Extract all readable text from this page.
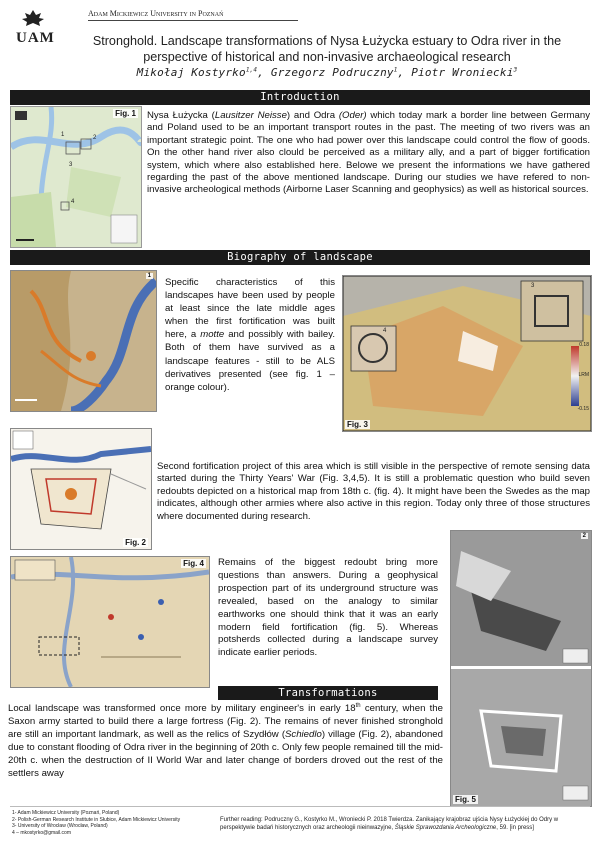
UAM
Adam Mickiewicz University in Poznań
Stronghold. Landscape transformations of Nysa Łużycka estuary to Odra river in the
perspective of historical and non-invasive archaeological research
Mikołaj Kostyrko$^{1,4}$, Grzegorz Podruczny$^1$, Piotr Wroniecki$^3$
Introduction
Fig. 1
1	2
3
4
Nysa Łużycka (Lausitzer Neisse) and Odra (Oder) which today mark a border line between Germany and Poland used to be an important transport routes in the past. The meeting of two rivers was an important strategic point. The one who had power over this landscape could control the flow of goods. On the other hand river also clould be perceived as a military ally, and a part of bigger fortification system, which where also established here. Belowe we present the informations we have gathered regarding the past of the above mentioned landscape. During our studies we have refered to non-invasive archeological methods (Airborne Laser Scanning and geophysics) as well as historical sources.
Biography of landscape
1
Specific characteristics of this landscapes have been used by people at least since the late middle ages when the first fortification was built here, a motte and possibly with bailey. Both of them have survived as a landscape features - still to be ALS derivatives presented (see fig. 1 – orange colour).
Fig. 3
0.18
LRM
-0.15
3
4
Fig. 2
Second fortification project of this area which is still visible in the perspective of remote sensing data started during the Thirty Years' War (Fig. 3,4,5). It is still a problematic question who build seven redoubts depicted on a historical map from 18th c. (fig. 4). It might have been the Swedes as the map indicates, although other armies where also active in this region. Today only three of those structures where documented during research.
Fig. 4 Remains of the biggest redoubt bring more questions than answers. During a geophysical prospection part of its underground structure was revealed, based on the analogy to similar earthworks one should think that it was an early modern field fortification (fig. 5). Whereas potsherds collected during a landscape survey indicate earlier periods.
2
Fig. 5
Transformations
Local landscape was transformed once more by military engineer's in early 18th century, when the Saxon army started to build there a large fortress (Fig. 2). The remains of never finished stronghold are still an important landmark, as well as the relics of Szydłów (Schiedlo) village (Fig. 2), abandoned due to constant flooding of Odra river in the beginning of 20th c. Only few people remained till the mid-20th c. when the destruction of II World War and later change of borders droved out the rest of the settlers away
1- Adam Mickiewicz University (Poznań, Poland)
2- Polish-German Research Institute in Słubice, Adam Mickiewicz University
3- University of Wrocław (Wrocław, Poland)
4 – mkostyrko@gmail.com
Further reading: Podruczny G., Kostyrko M., Wroniecki P. 2018 Twierdza. Zanikający krajobraz ujścia Nysy Łużyckiej do Odry w perspektywie badań historycznych oraz archeologii nieinwazyjne, Śląskie Sprawozdania Archeologiczne, 59. [in press]
